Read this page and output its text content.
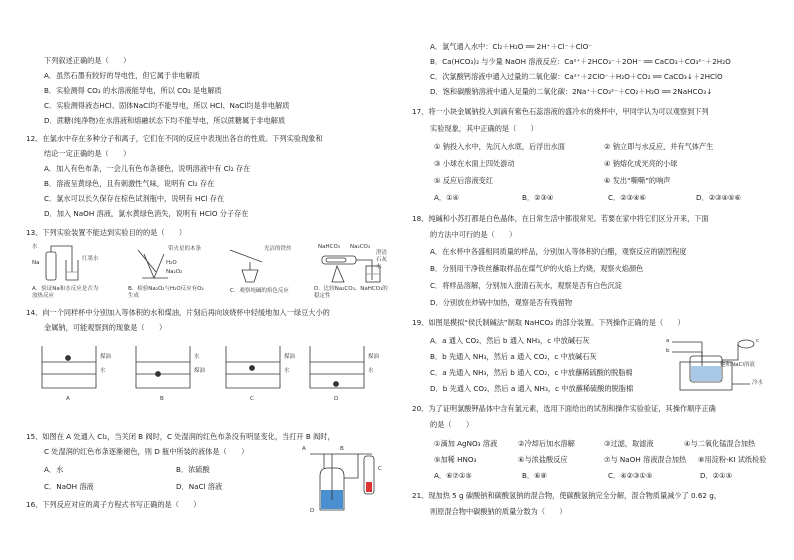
下列叙述正确的是（　　）
A．虽然石墨有较好的导电性，但它属于非电解质
B．实验测得 CO₂ 的水溶液能导电，所以 CO₂ 是电解质
C．实验测得液态HCl、固体NaCl均不能导电，所以 HCl、NaCl均是非电解质
D．蔗糖(纯净物)在水溶液和熔融状态下均不能导电，所以蔗糖属于非电解质
12、在氯水中存在多种分子和离子，它们在不同的反应中表现出各自的性质。下列实验现象和
结论一定正确的是（　　）
A．加入有色布条，一会儿有色布条褪色，说明溶液中有 Cl₂ 存在
B．溶液呈黄绿色，且有刺激性气味，说明有 Cl₂ 存在
C．氯水可以长久保存在棕色试剂瓶中，说明有 HCl 存在
D．加入 NaOH 溶液，氯水黄绿色消失，说明有 HClO 分子存在
13、下列实验装置不能达到实验目的的是（　　）
水
Na
红墨水
带火星的木条
H₂O
Na₂O₂
光洁的铁丝	NaHCO₃ Na₂CO₃
澄清石灰水
A．验证Na和水反应是否为放热反应
B．检验Na₂O₂与H₂O反应有O₂生成
C．观察纯碱的焰色反应	D．比较Na₂CO₃、NaHCO₃的稳定性
14、向一个同样杯中分别加入等体积的水和煤油，片刻后再向该烧杯中轻缓地加入一绿豆大小的
金属钠，可能观察到的现象是（　　）
煤油
水
水
煤油
煤油
水
煤油
水
A	B	C	D
15、如图在 A 处通入 Cl₂，当关闭 B 阀时，C 处湿润的红色布条没有明显变化，当打开 B 阀时，
C 处湿润的红色布条逐渐褪色，则 D 瓶中所装的液体是（　　）
A．水	B．浓硫酸
C．NaOH 溶液	D．NaCl 溶液
A	B
C
D
16、下列反应对应的离子方程式书写正确的是（　　）
A．氯气通入水中：Cl₂＋H₂O ══ 2H⁺＋Cl⁻＋ClO⁻
B．Ca(HCO₃)₂ 与少量 NaOH 溶液反应：Ca²⁺＋2HCO₃⁻＋2OH⁻ ══ CaCO₃＋CO₃²⁻＋2H₂O
C．次氯酸钙溶液中通入过量的二氧化碳：Ca²⁺＋2ClO⁻＋H₂O＋CO₂ ══ CaCO₃↓＋2HClO
D．饱和碳酸钠溶液中通入足量的二氧化碳：2Na⁺＋CO₃²⁻＋CO₂＋H₂O ══ 2NaHCO₃↓
17、将一小块金属钠投入到滴有紫色石蕊溶液的盛冷水的烧杯中，甲同学认为可以观察到下列
实验现象，其中正确的是（　　）
① 钠投入水中，先沉入水底，后浮出水面	② 钠立即与水反应，并有气体产生
③ 小球在水面上四处游动	④ 钠熔化成光亮的小球
⑤ 反应后溶液变红	⑥ 发出“嘶嘶”的响声
A．①④	B．②③④	C．②③④⑥	D．②③④⑤⑥
18、纯碱和小苏打都是白色晶体，在日常生活中都很常见。若要在家中将它们区分开来，下面
的方法中可行的是（　　）
A．在水杯中各盛相同质量的样品，分别加入等体积的白醋，观察反应的剧烈程度
B．分别用干净铁丝蘸取样品在煤气炉的火焰上灼烧，观察火焰颜色
C．将样品溶解，分别加入澄清石灰水，观察是否有白色沉淀
D．分别放在炒锅中加热，观察是否有残留物
19、如图是模拟“侯氏制碱法”制取 NaHCO₃ 的部分装置。下列操作正确的是（　　）
A．a 通入 CO₂，然后 b 通入 NH₃，c 中放碱石灰
B．b 先通入 NH₃，然后 a 通入 CO₂，c 中放碱石灰
C．a 先通入 NH₃，然后 b 通入 CO₂，c 中放蘸稀硫酸的脱脂棉
D．b 先通入 CO₂，然后 a 通入 NH₃，c 中放蘸稀硫酸的脱脂棉
a
b
c
饱和NaCl溶液
冷水
20、为了证明氯酸钾晶体中含有氯元素，选用下面给出的试剂和操作实验验证，其操作顺序正确
的是（　　）
①滴加 AgNO₃ 溶液	②冷却后加水溶解	③过滤，取滤液	④与二氧化锰混合加热
⑤加稀 HNO₃	⑥与浓盐酸反应	⑦与 NaOH 溶液混合加热 ⑧用淀粉-KI 试纸检验
A．⑥⑦①⑤	B．⑥⑧	C．④②③①⑤	D．②①⑤
21、现加热 5 g 碳酸钠和碳酸氢钠的混合物，使碳酸氢钠完全分解，混合物质量减少了 0.62 g，
则原混合物中碳酸钠的质量分数为（　　）
